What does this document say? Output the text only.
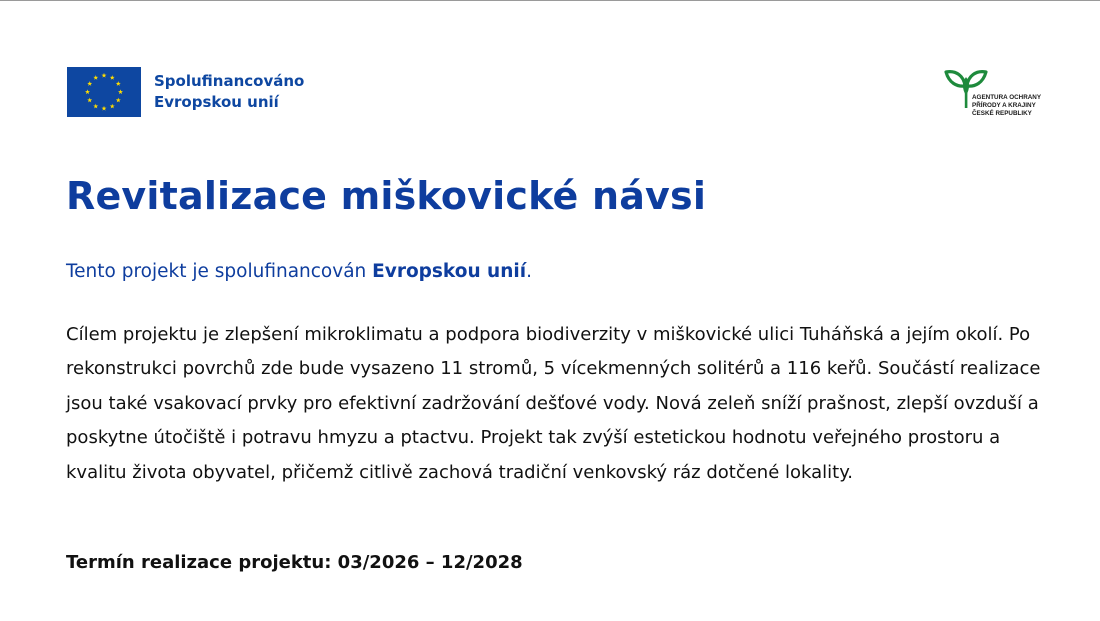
Spolufinancováno
Evropskou unií	AGENTURA OCHRANY
PŘÍRODY A KRAJINY
ČESKÉ REPUBLIKY
Revitalizace miškovické návsi
Tento projekt je spolufinancován Evropskou unií.

Cílem projektu je zlepšení mikroklimatu a podpora biodiverzity v miškovické ulici Tuháňská a jejím okolí. Po rekonstrukci povrchů zde bude vysazeno 11 stromů, 5 vícekmenných solitérů a 116 keřů. Součástí realizace jsou také vsakovací prvky pro efektivní zadržování dešťové vody. Nová zeleň sníží prašnost, zlepší ovzduší a poskytne útočiště i potravu hmyzu a ptactvu. Projekt tak zvýší estetickou hodnotu veřejného prostoru a kvalitu života obyvatel, přičemž citlivě zachová tradiční venkovský ráz dotčené lokality.

Termín realizace projektu: 03/2026 – 12/2028
